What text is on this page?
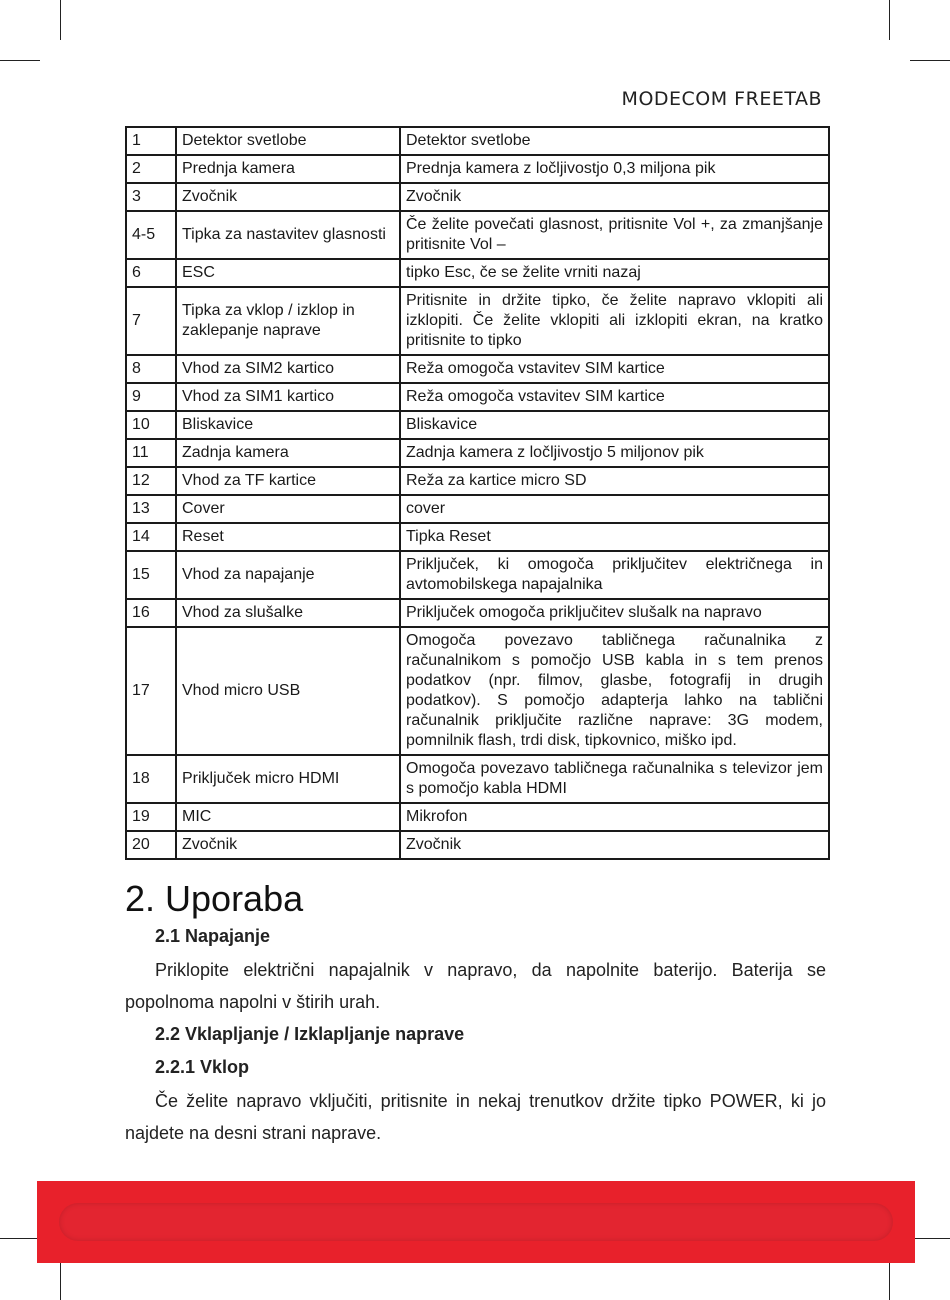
MODECOM FREETAB
1	Detektor svetlobe	Detektor svetlobe
2	Prednja kamera	Prednja kamera z ločljivostjo 0,3 miljona pik
3	Zvočnik	Zvočnik
4-5	Tipka za nastavitev glasnosti	Če želite povečati glasnost, pritisnite Vol +, za zmanjšanje pritisnite Vol –
6	ESC	tipko Esc, če se želite vrniti nazaj
7	Tipka za vklop / izklop in zaklepanje naprave	Pritisnite in držite tipko, če želite napravo vklopiti ali izklopiti. Če želite vklopiti ali izklopiti ekran, na kratko pritisnite to tipko
8	Vhod za SIM2 kartico	Reža omogoča vstavitev SIM kartice
9	Vhod za SIM1 kartico	Reža omogoča vstavitev SIM kartice
10	Bliskavice	Bliskavice
11	Zadnja kamera	Zadnja kamera z ločljivostjo 5 miljonov pik
12	Vhod za TF kartice	Reža za kartice micro SD
13	Cover	cover
14	Reset	Tipka Reset
15	Vhod za napajanje	Priključek, ki omogoča priključitev električnega in avtomobilskega napajalnika
16	Vhod za slušalke	Priključek omogoča priključitev slušalk na napravo
17	Vhod micro USB	Omogoča povezavo tabličnega računalnika z računalnikom s pomočjo USB kabla in s tem prenos podatkov (npr. filmov, glasbe, fotografij in drugih podatkov). S pomočjo adapterja lahko na tablični računalnik priključite različne naprave: 3G modem, pomnilnik flash, trdi disk, tipkovnico, miško ipd.
18	Priključek micro HDMI	Omogoča povezavo tabličnega računalnika s televizor jem s pomočjo kabla HDMI
19	MIC	Mikrofon
20	Zvočnik	Zvočnik
2. Uporaba

2.1 Napajanje

Priklopite električni napajalnik v napravo, da napolnite baterijo. Baterija se popolnoma napolni v štirih urah.

2.2 Vklapljanje / Izklapljanje naprave

2.2.1 Vklop

Če želite napravo vključiti, pritisnite in nekaj trenutkov držite tipko POWER, ki jo najdete na desni strani naprave.
